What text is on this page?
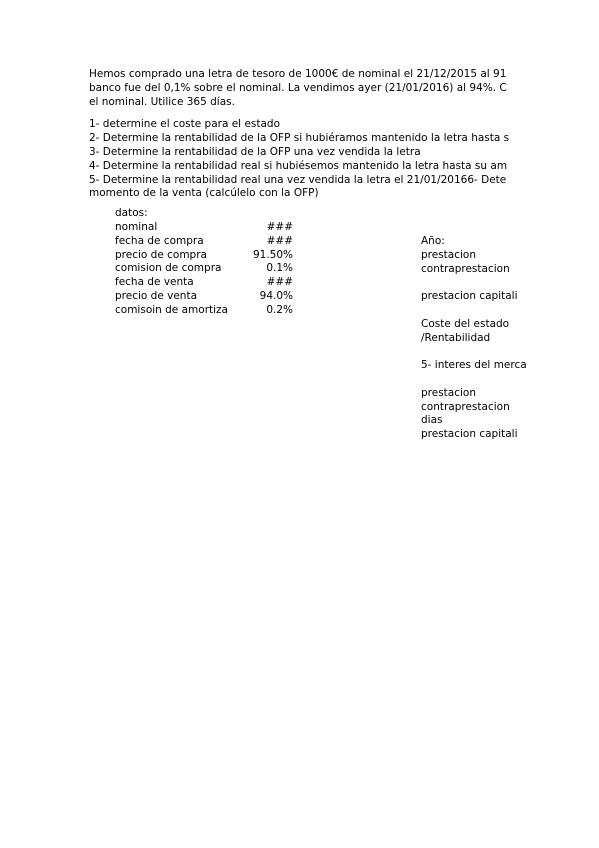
Hemos comprado una letra de tesoro de 1000€ de nominal el 21/12/2015 al 91
banco fue del 0,1% sobre el nominal. La vendimos ayer (21/01/2016) al 94%. C
el nominal. Utilice 365 días.
1- determine el coste para el estado
2- Determine la rentabilidad de la OFP si hubiéramos mantenido la letra hasta s
3- Determine la rentabilidad de la OFP una vez vendida la letra
4- Determine la rentabilidad real si hubiésemos mantenido la letra hasta su am
5- Determine la rentabilidad real una vez vendida la letra el 21/01/20166- Dete
momento de la venta (calcúlelo con la OFP)
datos:
nominal	###
fecha de compra	###
precio de compra	91.50%
comision de compra	0.1%
fecha de venta	###
precio de venta	94.0%
comisoin de amortiza	0.2%
Año:
prestacion
contraprestacion
prestacion capitali
Coste del estado
/Rentabilidad
5- interes del merca
prestacion
contraprestacion
dias
prestacion capitali
